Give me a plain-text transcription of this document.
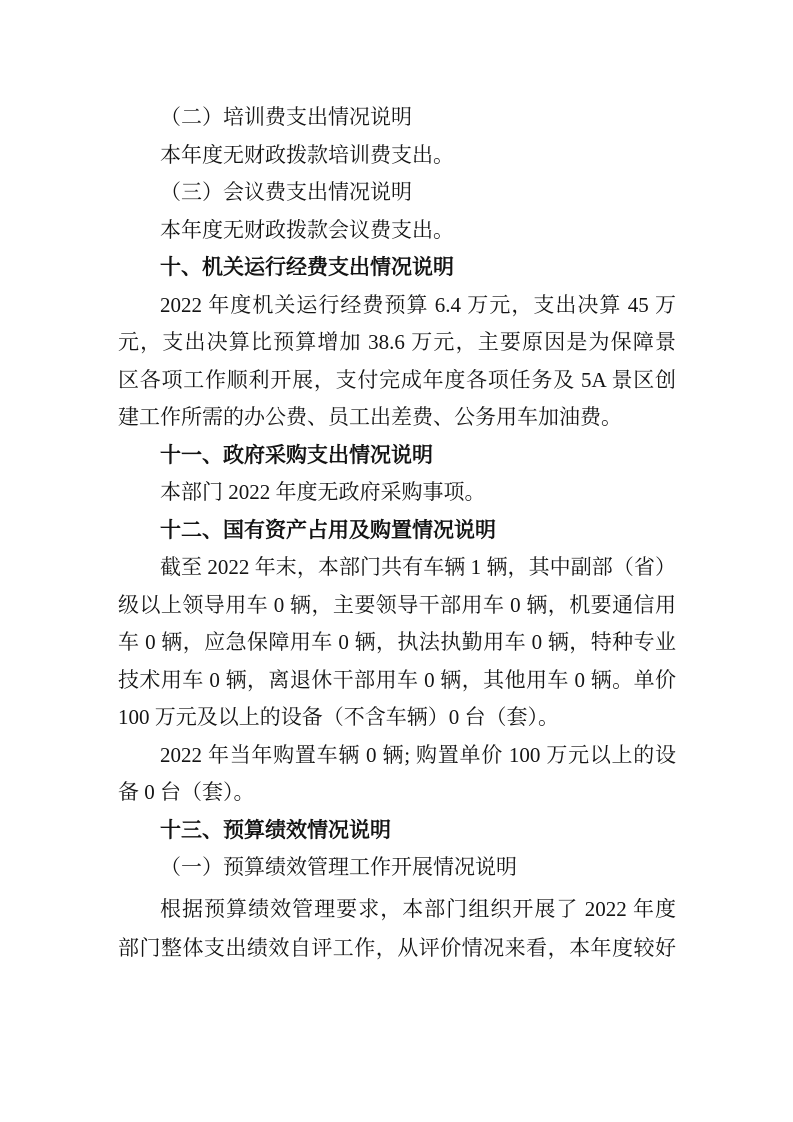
（二）培训费支出情况说明
本年度无财政拨款培训费支出。
（三）会议费支出情况说明
本年度无财政拨款会议费支出。
十、机关运行经费支出情况说明
2022 年度机关运行经费预算 6.4 万元，支出决算 45 万
元，支出决算比预算增加 38.6 万元，主要原因是为保障景
区各项工作顺利开展，支付完成年度各项任务及 5A 景区创
建工作所需的办公费、员工出差费、公务用车加油费。
十一、政府采购支出情况说明
本部门 2022 年度无政府采购事项。
十二、国有资产占用及购置情况说明
截至 2022 年末，本部门共有车辆 1 辆，其中副部（省）
级以上领导用车 0 辆，主要领导干部用车 0 辆，机要通信用
车 0 辆，应急保障用车 0 辆，执法执勤用车 0 辆，特种专业
技术用车 0 辆，离退休干部用车 0 辆，其他用车 0 辆。单价
100 万元及以上的设备（不含车辆）0 台（套）。
2022 年当年购置车辆 0 辆; 购置单价 100 万元以上的设
备 0 台（套）。
十三、预算绩效情况说明
（一）预算绩效管理工作开展情况说明
根据预算绩效管理要求，本部门组织开展了 2022 年度
部门整体支出绩效自评工作，从评价情况来看，本年度较好
